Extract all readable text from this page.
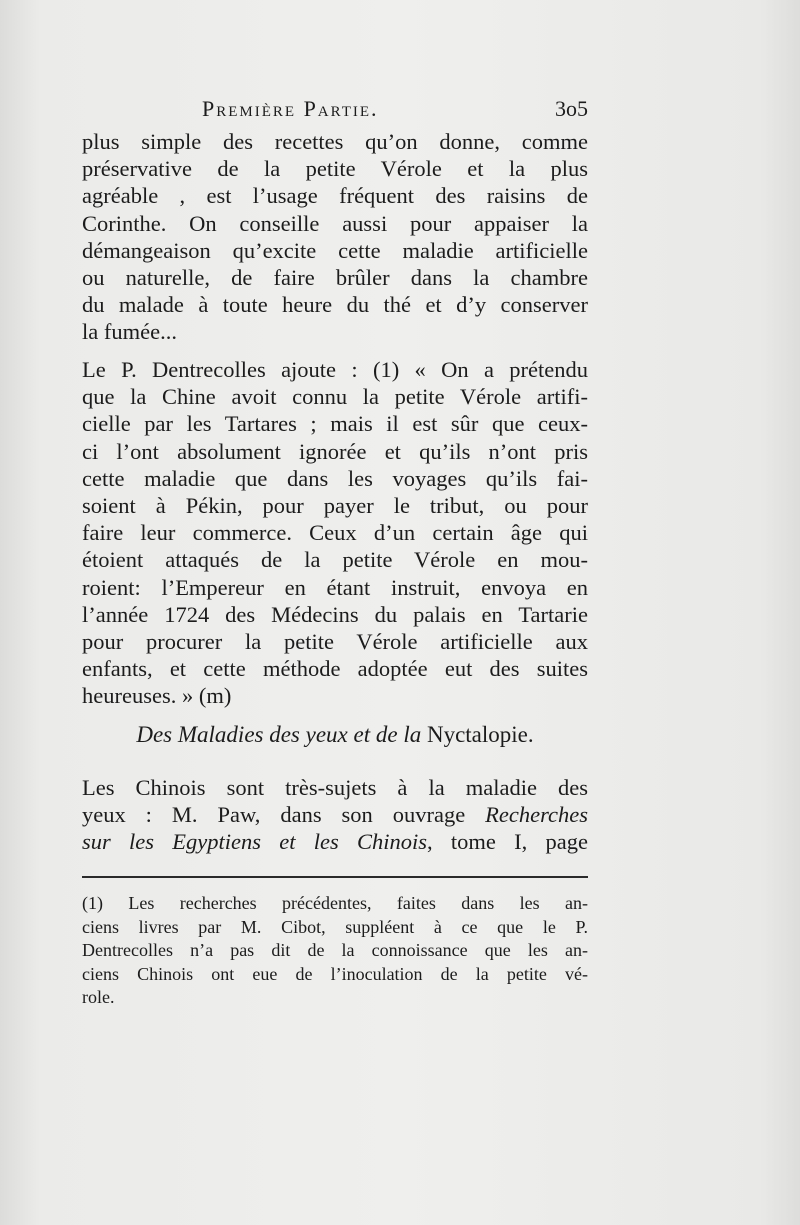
Première Partie.	3o5
plus simple des recettes qu’on donne, comme
préservative de la petite Vérole et la plus
agréable , est l’usage fréquent des raisins de
Corinthe. On conseille aussi pour appaiser la
démangeaison qu’excite cette maladie artificielle
ou naturelle, de faire brûler dans la chambre
du malade à toute heure du thé et d’y conserver
la fumée...
Le P. Dentrecolles ajoute : (1) « On a prétendu
que la Chine avoit connu la petite Vérole artifi-
cielle par les Tartares ; mais il est sûr que ceux-
ci l’ont absolument ignorée et qu’ils n’ont pris
cette maladie que dans les voyages qu’ils fai-
soient à Pékin, pour payer le tribut, ou pour
faire leur commerce. Ceux d’un certain âge qui
étoient attaqués de la petite Vérole en mou-
roient: l’Empereur en étant instruit, envoya en
l’année 1724 des Médecins du palais en Tartarie
pour procurer la petite Vérole artificielle aux
enfants, et cette méthode adoptée eut des suites
heureuses. » (m)
Des Maladies des yeux et de la Nyctalopie.
Les Chinois sont très-sujets à la maladie des
yeux : M. Paw, dans son ouvrage Recherches
sur les Egyptiens et les Chinois, tome I, page
(1) Les recherches précédentes, faites dans les an-
ciens livres par M. Cibot, suppléent à ce que le P.
Dentrecolles n’a pas dit de la connoissance que les an-
ciens Chinois ont eue de l’inoculation de la petite vé-
role.
